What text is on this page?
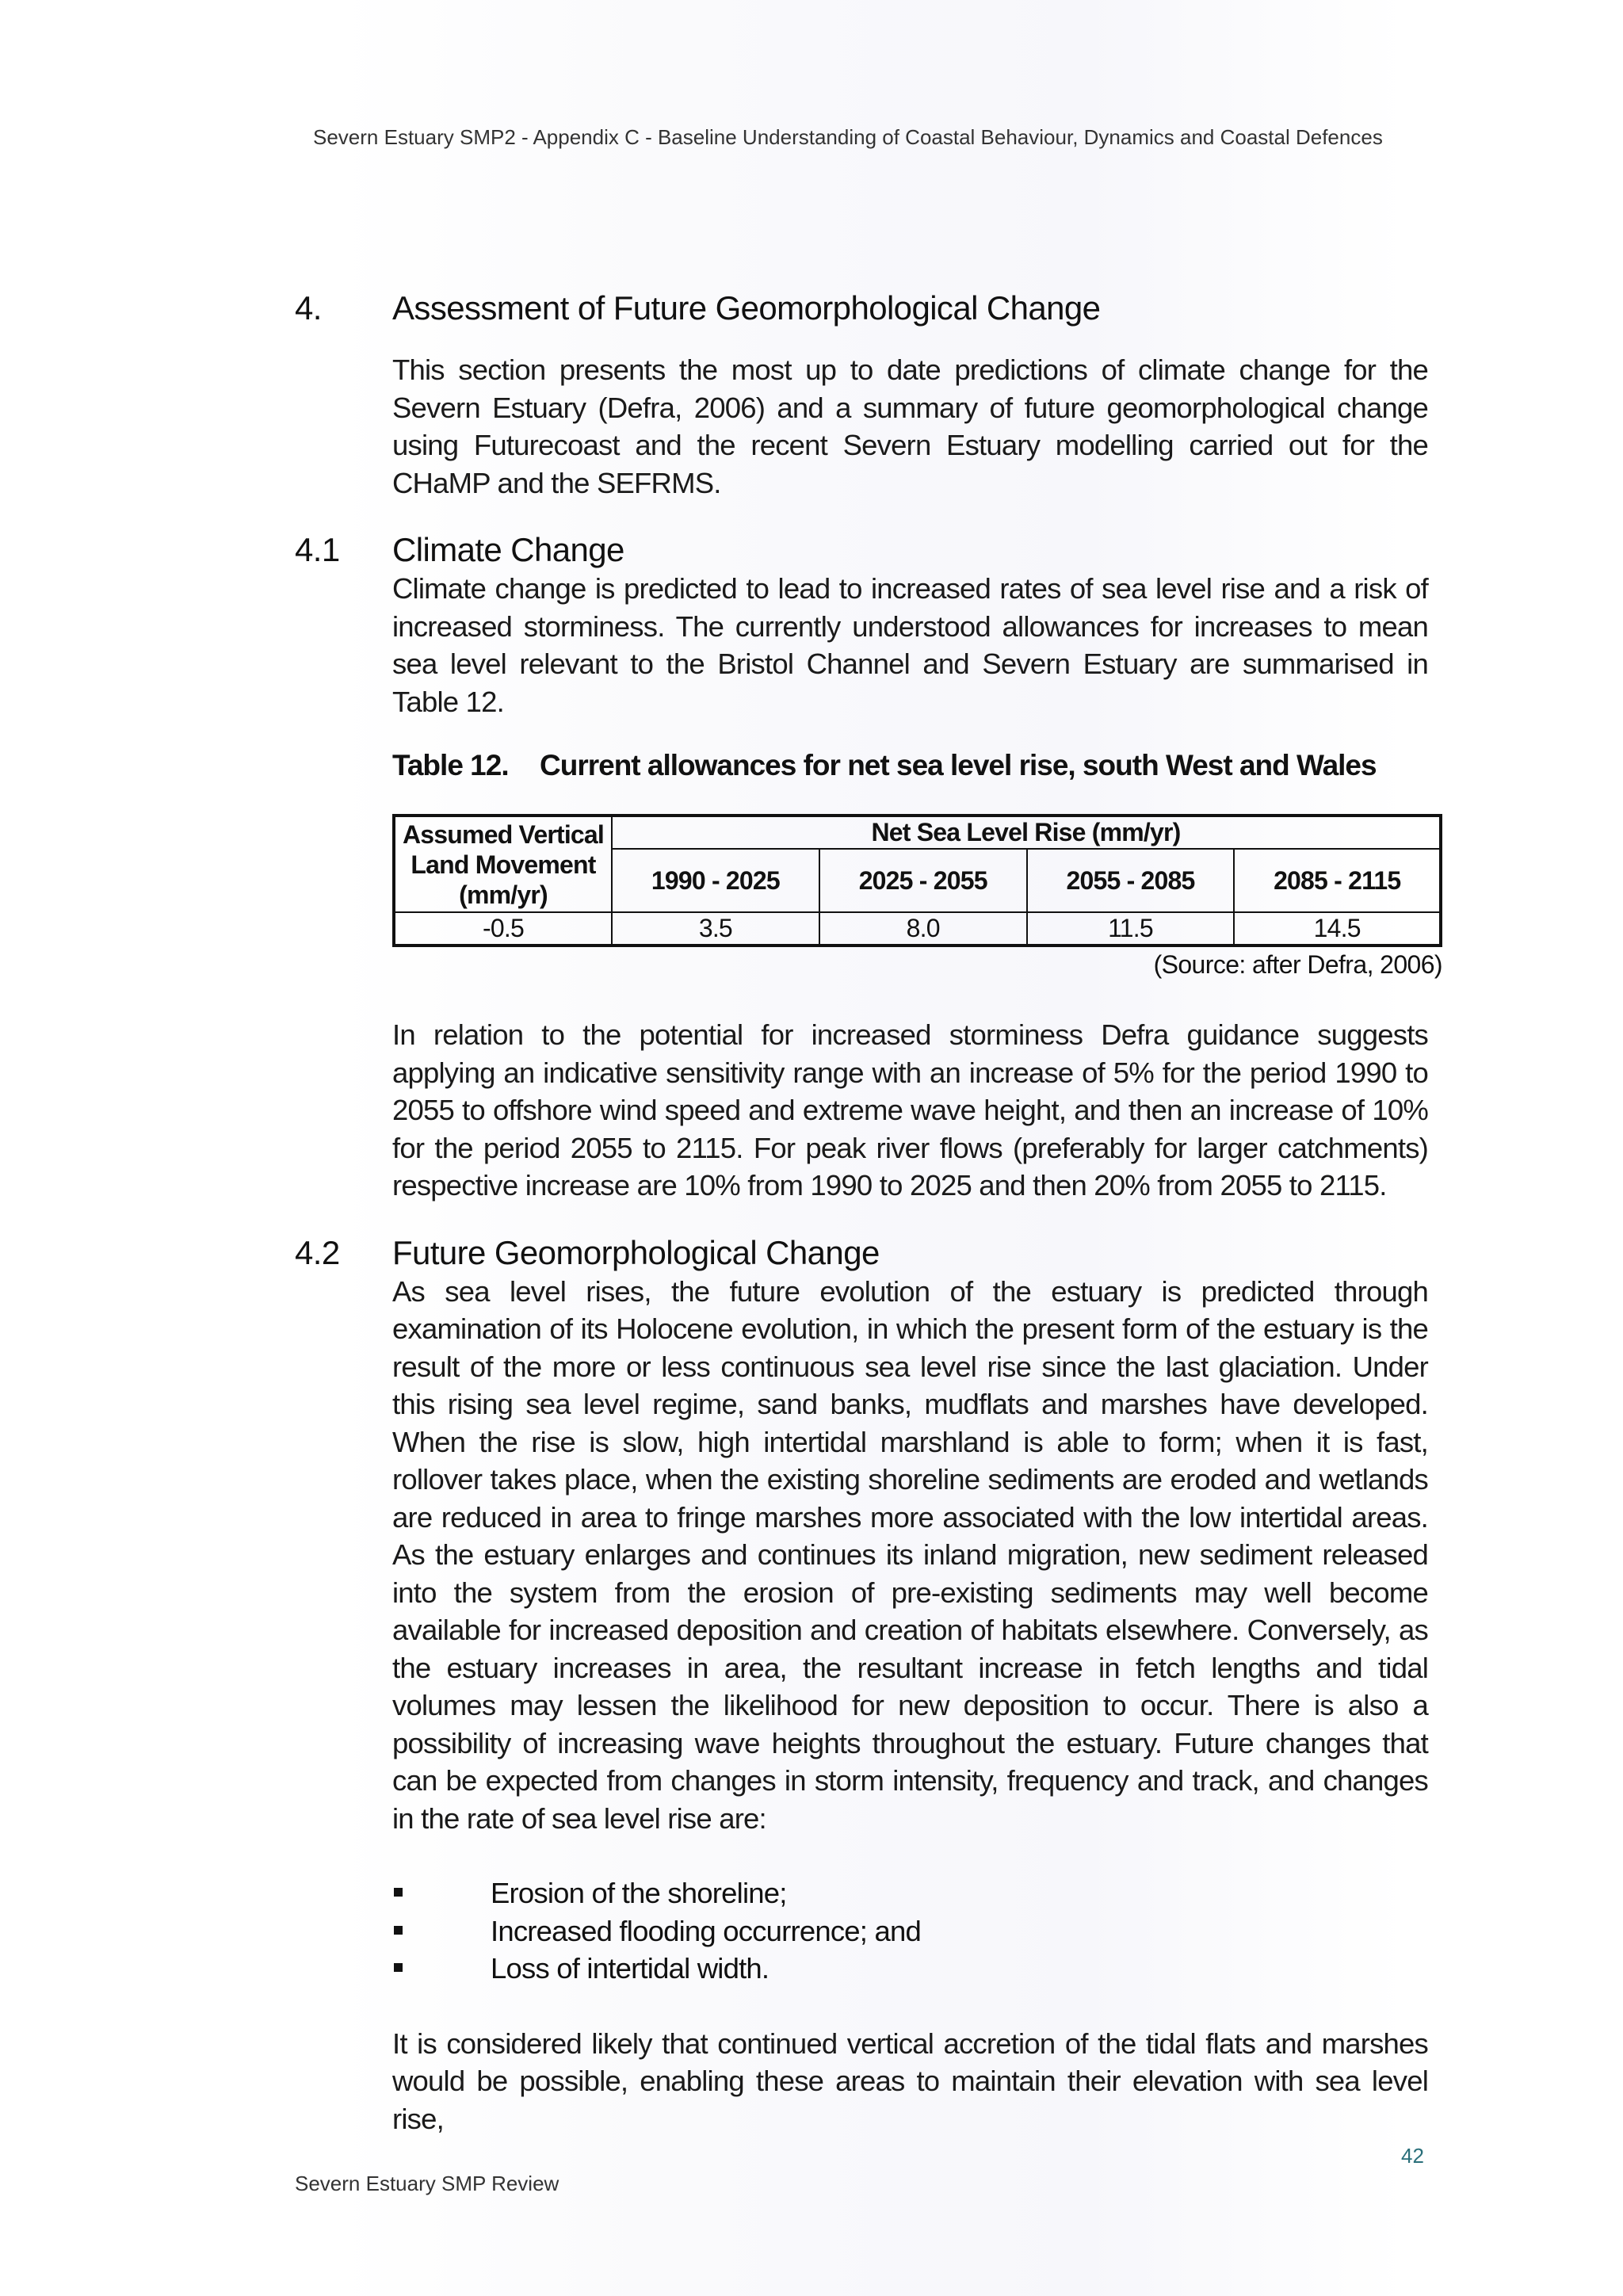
Severn Estuary SMP2 - Appendix C - Baseline Understanding of Coastal Behaviour, Dynamics and Coastal Defences
4.	Assessment of Future Geomorphological Change

This section presents the most up to date predictions of climate change for the Severn Estuary (Defra, 2006) and a summary of future geomorphological change using Futurecoast and the recent Severn Estuary modelling carried out for the CHaMP and the SEFRMS.

4.1	Climate Change

Climate change is predicted to lead to increased rates of sea level rise and a risk of increased storminess. The currently understood allowances for increases to mean sea level relevant to the Bristol Channel and Severn Estuary are summarised in Table 12.

Table 12.	Current allowances for net sea level rise, south West and Wales
Assumed Vertical Land Movement (mm/yr)	Net Sea Level Rise (mm/yr)			
	1990 - 2025	2025 - 2055	2055 - 2085	2085 - 2115
-0.5	3.5	8.0	11.5	14.5
(Source: after Defra, 2006)

In relation to the potential for increased storminess Defra guidance suggests applying an indicative sensitivity range with an increase of 5% for the period 1990 to 2055 to offshore wind speed and extreme wave height, and then an increase of 10% for the period 2055 to 2115. For peak river flows (preferably for larger catchments) respective increase are 10% from 1990 to 2025 and then 20% from 2055 to 2115.

4.2	Future Geomorphological Change

As sea level rises, the future evolution of the estuary is predicted through examination of its Holocene evolution, in which the present form of the estuary is the result of the more or less continuous sea level rise since the last glaciation. Under this rising sea level regime, sand banks, mudflats and marshes have developed. When the rise is slow, high intertidal marshland is able to form; when it is fast, rollover takes place, when the existing shoreline sediments are eroded and wetlands are reduced in area to fringe marshes more associated with the low intertidal areas. As the estuary enlarges and continues its inland migration, new sediment released into the system from the erosion of pre-existing sediments may well become available for increased deposition and creation of habitats elsewhere. Conversely, as the estuary increases in area, the resultant increase in fetch lengths and tidal volumes may lessen the likelihood for new deposition to occur. There is also a possibility of increasing wave heights throughout the estuary. Future changes that can be expected from changes in storm intensity, frequency and track, and changes in the rate of sea level rise are:

Erosion of the shoreline;
Increased flooding occurrence; and
Loss of intertidal width.

It is considered likely that continued vertical accretion of the tidal flats and marshes would be possible, enabling these areas to maintain their elevation with sea level rise,

42
Severn Estuary SMP Review
